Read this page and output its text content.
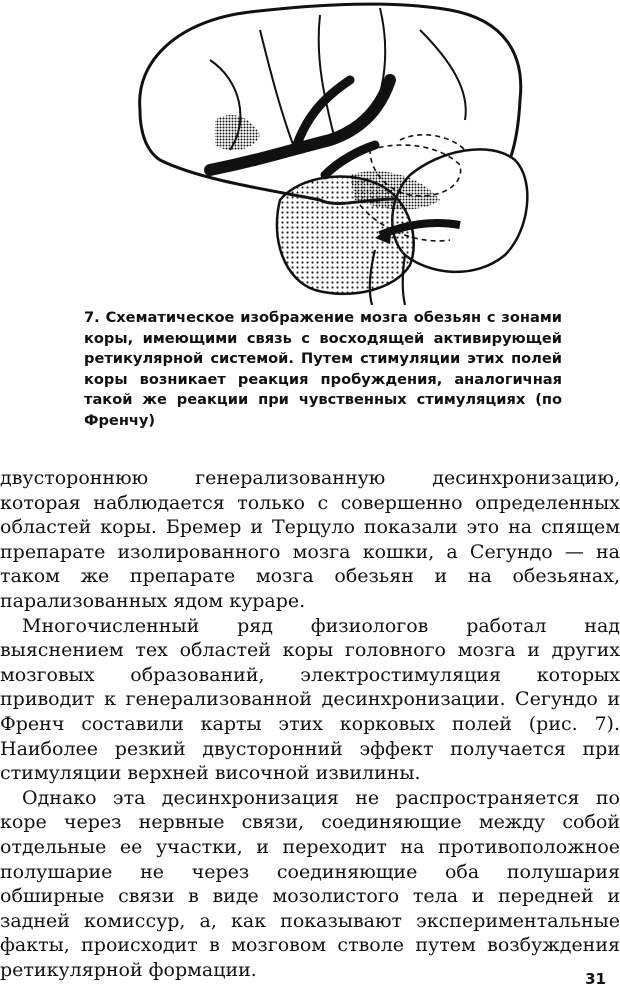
7. Схематическое изображение мозга обезьян с зонами коры, имеющими связь с восходящей активирующей ретикулярной системой. Путем стимуляции этих полей коры возникает реакция пробуждения, аналогичная такой же реакции при чувственных стимуляциях (по Френчу)

двустороннюю генерализованную десинхронизацию, которая наблюдается только с совершенно определенных областей коры. Бремер и Терцуло показали это на спящем препарате изолированного мозга кошки, а Сегундо — на таком же препарате мозга обезьян и на обезьянах, парализованных ядом кураре.

Многочисленный ряд физиологов работал над выяснением тех областей коры головного мозга и других мозговых образований, электростимуляция которых приводит к генерализованной десинхронизации. Сегундо и Френч составили карты этих корковых полей (рис. 7). Наиболее резкий двусторонний эффект получается при стимуляции верхней височной извилины.

Однако эта десинхронизация не распространяется по коре через нервные связи, соединяющие между собой отдельные ее участки, и переходит на противоположное полушарие не через соединяющие оба полушария обширные связи в виде мозолистого тела и передней и задней комиссур, а, как показывают экспериментальные факты, происходит в мозговом стволе путем возбуждения ретикулярной формации.	31
